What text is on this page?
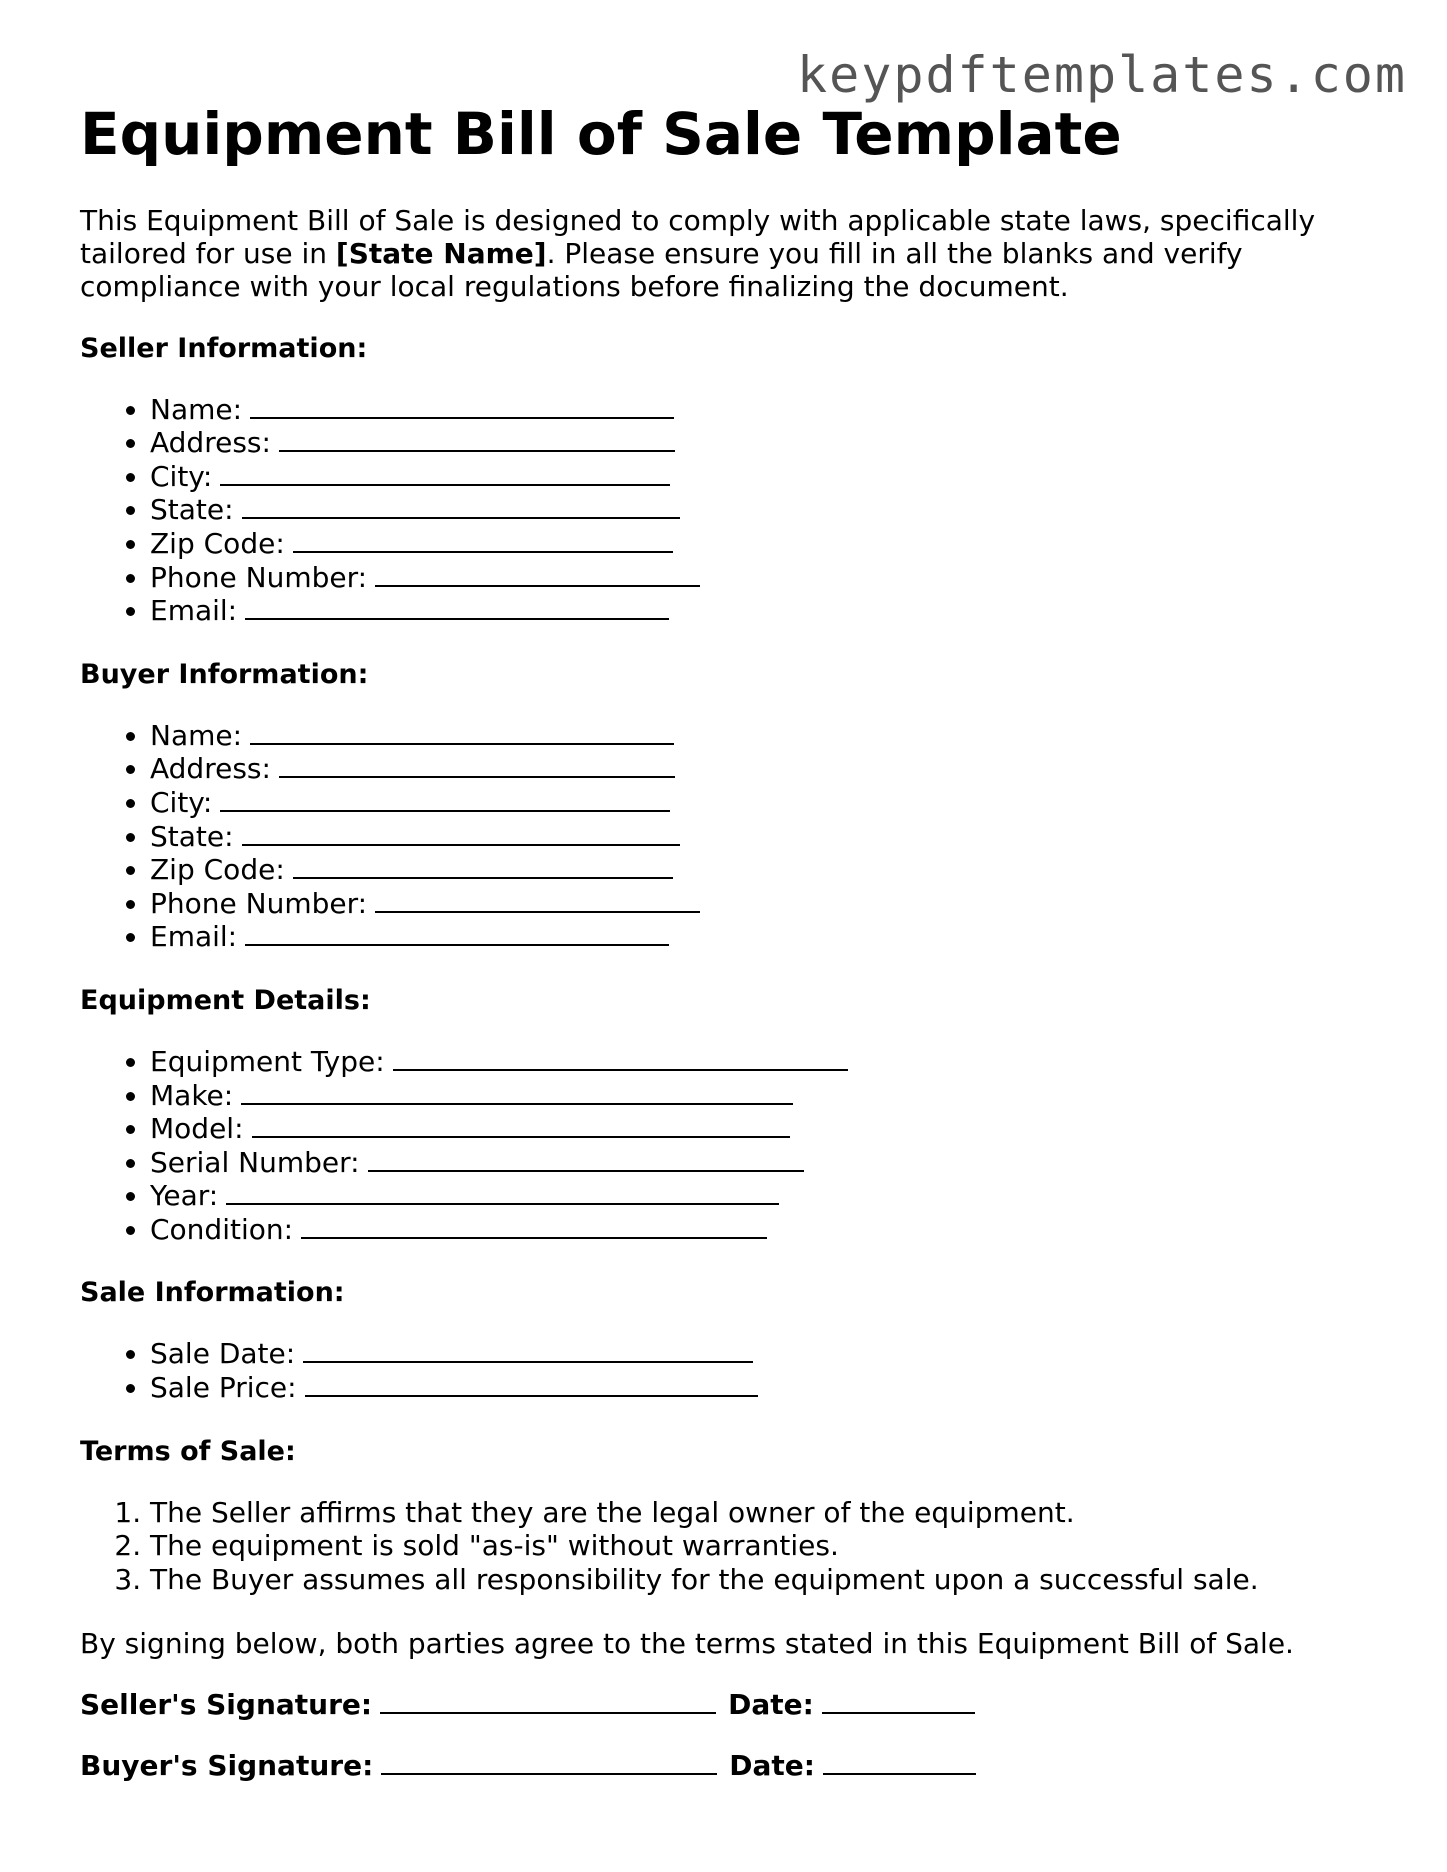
keypdftemplates.com

Equipment Bill of Sale Template

This Equipment Bill of Sale is designed to comply with applicable state laws, specifically tailored for use in [State Name]. Please ensure you fill in all the blanks and verify compliance with your local regulations before finalizing the document.

Seller Information:
• Name:
• Address:
• City:
• State:
• Zip Code:
• Phone Number:
• Email:
Buyer Information:
• Name:
• Address:
• City:
• State:
• Zip Code:
• Phone Number:
• Email:
Equipment Details:
• Equipment Type:
• Make:
• Model:
• Serial Number:
• Year:
• Condition:
Sale Information:
• Sale Date:
• Sale Price:
Terms of Sale:
1. The Seller affirms that they are the legal owner of the equipment.
2. The equipment is sold "as-is" without warranties.
3. The Buyer assumes all responsibility for the equipment upon a successful sale.

By signing below, both parties agree to the terms stated in this Equipment Bill of Sale.

Seller's Signature:	Date:
Buyer's Signature:	Date:
